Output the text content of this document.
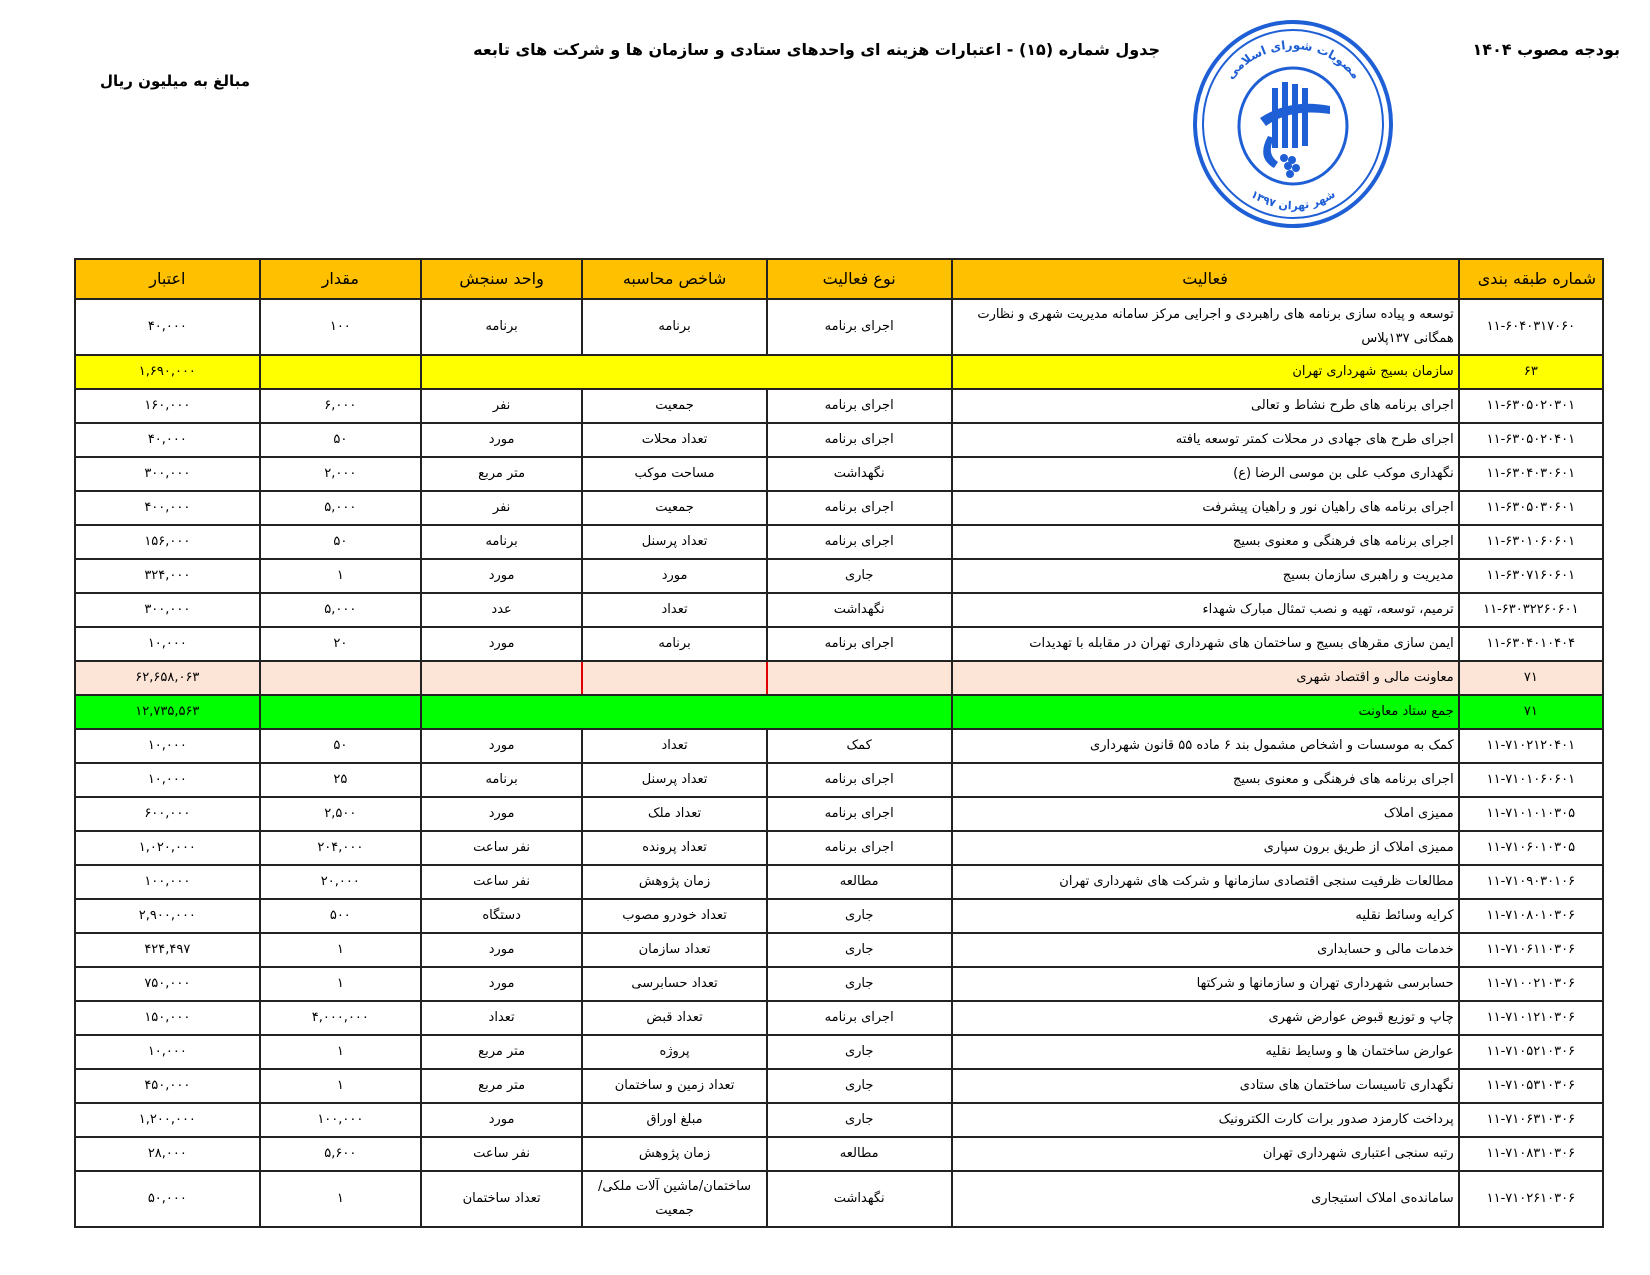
بودجه مصوب ۱۴۰۴
جدول شماره (۱۵) - اعتبارات هزینه ای واحدهای ستادی و سازمان ها و شرکت های تابعه
مبالغ به میلیون ریال	مصوبات شورای اسلامی
شهر تهران ۱۳۹۷
شماره طبقه بندی	فعالیت	نوع فعالیت	شاخص محاسبه	واحد سنجش	مقدار	اعتبار
۱۱-۶۰۴۰۳۱۷۰۶۰	توسعه و پیاده سازی برنامه های راهبردی و اجرایی مرکز سامانه مدیریت شهری و نظارت همگانی ۱۳۷پلاس	اجرای برنامه	برنامه	برنامه	۱۰۰	۴۰,۰۰۰
۶۳	سازمان بسیج شهرداری تهران					۱,۶۹۰,۰۰۰
۱۱-۶۳۰۵۰۲۰۳۰۱	اجرای برنامه های طرح نشاط و تعالی	اجرای برنامه	جمعیت	نفر	۶,۰۰۰	۱۶۰,۰۰۰
۱۱-۶۳۰۵۰۲۰۴۰۱	اجرای طرح های جهادی در محلات کمتر توسعه یافته	اجرای برنامه	تعداد محلات	مورد	۵۰	۴۰,۰۰۰
۱۱-۶۳۰۴۰۳۰۶۰۱	نگهداری موکب علی بن موسی الرضا (ع)	نگهداشت	مساحت موکب	متر مربع	۲,۰۰۰	۳۰۰,۰۰۰
۱۱-۶۳۰۵۰۳۰۶۰۱	اجرای برنامه های راهیان نور و راهیان پیشرفت	اجرای برنامه	جمعیت	نفر	۵,۰۰۰	۴۰۰,۰۰۰
۱۱-۶۳۰۱۰۶۰۶۰۱	اجرای برنامه های فرهنگی و معنوی بسیج	اجرای برنامه	تعداد پرسنل	برنامه	۵۰	۱۵۶,۰۰۰
۱۱-۶۳۰۷۱۶۰۶۰۱	مدیریت و راهبری سازمان بسیج	جاری	مورد	مورد	۱	۳۲۴,۰۰۰
۱۱-۶۳۰۳۲۲۶۰۶۰۱	ترمیم، توسعه، تهیه و نصب تمثال مبارک شهداء	نگهداشت	تعداد	عدد	۵,۰۰۰	۳۰۰,۰۰۰
۱۱-۶۳۰۴۰۱۰۴۰۴	ایمن سازی مقرهای بسیج و ساختمان های شهرداری تهران در مقابله با تهدیدات	اجرای برنامه	برنامه	مورد	۲۰	۱۰,۰۰۰
۷۱	معاونت مالی و اقتصاد شهری					۶۲,۶۵۸,۰۶۳
۷۱	جمع ستاد معاونت					۱۲,۷۳۵,۵۶۳
۱۱-۷۱۰۲۱۲۰۴۰۱	کمک به موسسات و اشخاص مشمول بند ۶ ماده ۵۵ قانون شهرداری	کمک	تعداد	مورد	۵۰	۱۰,۰۰۰
۱۱-۷۱۰۱۰۶۰۶۰۱	اجرای برنامه های فرهنگی و معنوی بسیج	اجرای برنامه	تعداد پرسنل	برنامه	۲۵	۱۰,۰۰۰
۱۱-۷۱۰۱۰۱۰۳۰۵	ممیزی املاک	اجرای برنامه	تعداد ملک	مورد	۲,۵۰۰	۶۰۰,۰۰۰
۱۱-۷۱۰۶۰۱۰۳۰۵	ممیزی املاک از طریق برون سپاری	اجرای برنامه	تعداد پرونده	نفر ساعت	۲۰۴,۰۰۰	۱,۰۲۰,۰۰۰
۱۱-۷۱۰۹۰۳۰۱۰۶	مطالعات ظرفیت سنجی اقتصادی سازمانها و شرکت های شهرداری تهران	مطالعه	زمان پژوهش	نفر ساعت	۲۰,۰۰۰	۱۰۰,۰۰۰
۱۱-۷۱۰۸۰۱۰۳۰۶	کرایه وسائط نقلیه	جاری	تعداد خودرو مصوب	دستگاه	۵۰۰	۲,۹۰۰,۰۰۰
۱۱-۷۱۰۶۱۱۰۳۰۶	خدمات مالی و حسابداری	جاری	تعداد سازمان	مورد	۱	۴۲۴,۴۹۷
۱۱-۷۱۰۰۲۱۰۳۰۶	حسابرسی شهرداری تهران و سازمانها و شرکتها	جاری	تعداد حسابرسی	مورد	۱	۷۵۰,۰۰۰
۱۱-۷۱۰۱۲۱۰۳۰۶	چاپ و توزیع قبوض عوارض شهری	اجرای برنامه	تعداد قبض	تعداد	۴,۰۰۰,۰۰۰	۱۵۰,۰۰۰
۱۱-۷۱۰۵۲۱۰۳۰۶	عوارض ساختمان ها و وسایط نقلیه	جاری	پروژه	متر مربع	۱	۱۰,۰۰۰
۱۱-۷۱۰۵۳۱۰۳۰۶	نگهداری تاسیسات ساختمان های ستادی	جاری	تعداد زمین و ساختمان	متر مربع	۱	۴۵۰,۰۰۰
۱۱-۷۱۰۶۳۱۰۳۰۶	پرداخت کارمزد صدور برات کارت الکترونیک	جاری	مبلغ اوراق	مورد	۱۰۰,۰۰۰	۱,۲۰۰,۰۰۰
۱۱-۷۱۰۸۳۱۰۳۰۶	رتبه سنجی اعتباری شهرداری تهران	مطالعه	زمان پژوهش	نفر ساعت	۵,۶۰۰	۲۸,۰۰۰
۱۱-۷۱۰۲۶۱۰۳۰۶	سامانده‌ی املاک استیجاری	نگهداشت	ساختمان/ماشین آلات ملکی/جمعیت	تعداد ساختمان	۱	۵۰,۰۰۰
